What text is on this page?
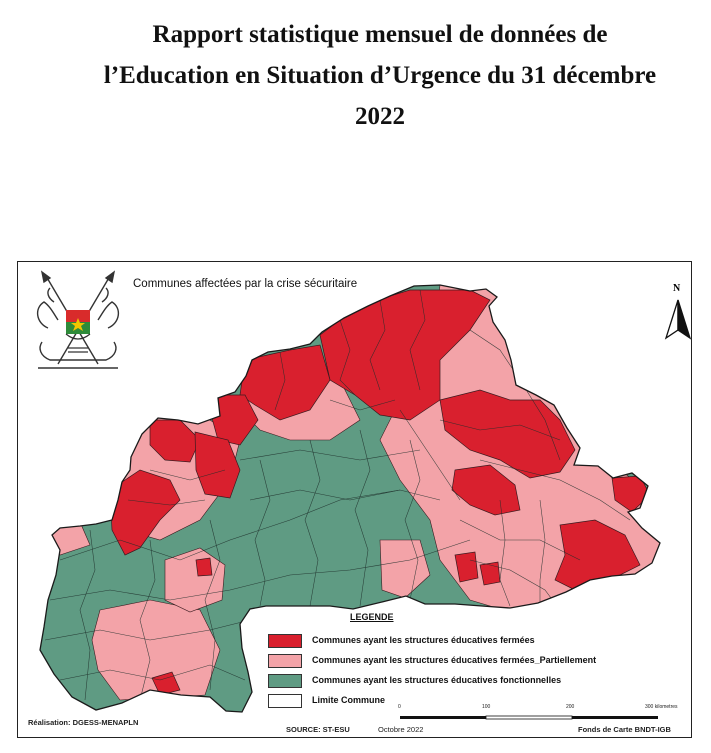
Rapport statistique mensuel de données de
l’Education en Situation d’Urgence du 31 décembre
2022
Communes affectées par la crise sécuritaire	N
LEGENDE
Communes ayant les structures éducatives fermées
Communes ayant les structures éducatives fermées_Partiellement
Communes ayant les structures éducatives fonctionnelles
Limite Commune
0	100	200	300 kilometres
Réalisation: DGESS-MENAPLN
SOURCE: ST-ESU	Octobre 2022	Fonds de Carte BNDT-IGB
